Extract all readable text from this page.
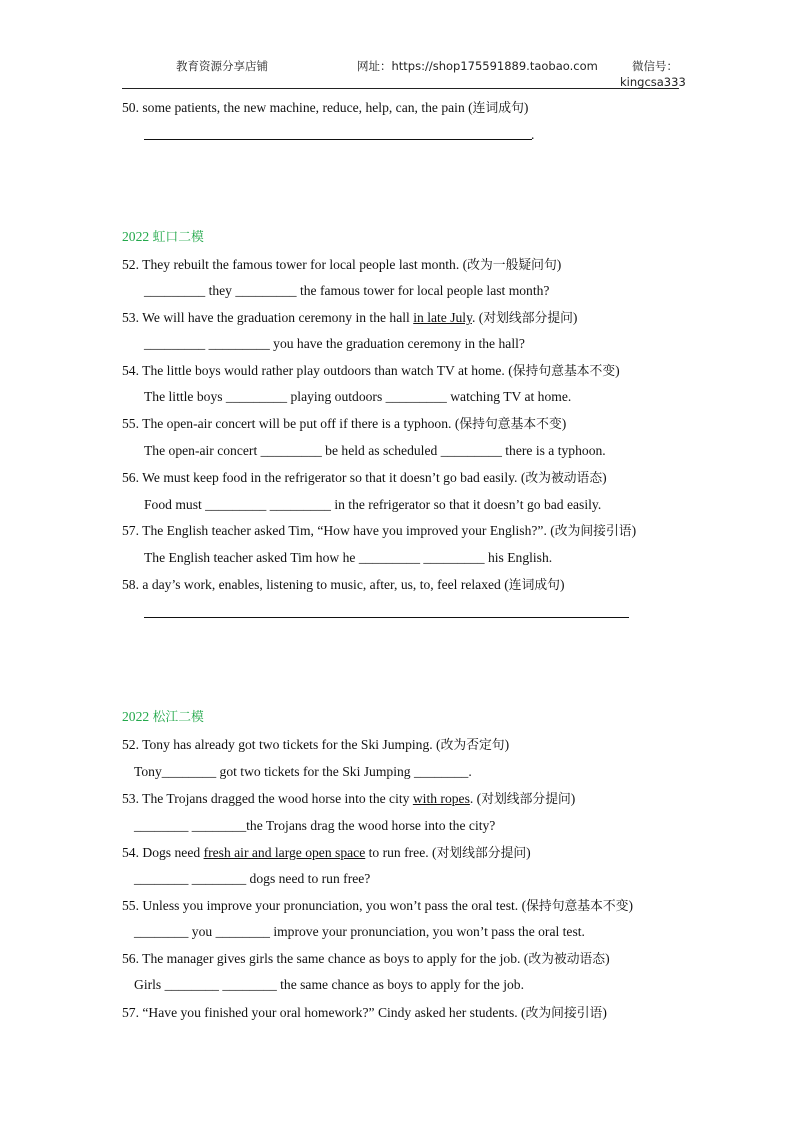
教育资源分享店铺	网址：https://shop175591889.taobao.com	微信号：
kingcsa333
50. some patients, the new machine, reduce, help, can, the pain (连词成句)
.
2022 虹口二模
52. They rebuilt the famous tower for local people last month. (改为一般疑问句)
_________ they _________ the famous tower for local people last month?
53. We will have the graduation ceremony in the hall in late July. (对划线部分提问)
_________ _________ you have the graduation ceremony in the hall?
54. The little boys would rather play outdoors than watch TV at home. (保持句意基本不变)
The little boys _________ playing outdoors _________ watching TV at home.
55. The open-air concert will be put off if there is a typhoon. (保持句意基本不变)
The open-air concert _________ be held as scheduled _________ there is a typhoon.
56. We must keep food in the refrigerator so that it doesn’t go bad easily. (改为被动语态)
Food must _________ _________ in the refrigerator so that it doesn’t go bad easily.
57. The English teacher asked Tim, “How have you improved your English?”. (改为间接引语)
The English teacher asked Tim how he _________ _________ his English.
58. a day’s work, enables, listening to music, after, us, to, feel relaxed (连词成句)
2022 松江二模
52. Tony has already got two tickets for the Ski Jumping. (改为否定句)
Tony________ got two tickets for the Ski Jumping ________.
53. The Trojans dragged the wood horse into the city with ropes. (对划线部分提问)
________ ________the Trojans drag the wood horse into the city?
54. Dogs need fresh air and large open space to run free. (对划线部分提问)
________ ________ dogs need to run free?
55. Unless you improve your pronunciation, you won’t pass the oral test. (保持句意基本不变)
________ you ________ improve your pronunciation, you won’t pass the oral test.
56. The manager gives girls the same chance as boys to apply for the job. (改为被动语态)
Girls ________ ________ the same chance as boys to apply for the job.
57. “Have you finished your oral homework?” Cindy asked her students. (改为间接引语)
